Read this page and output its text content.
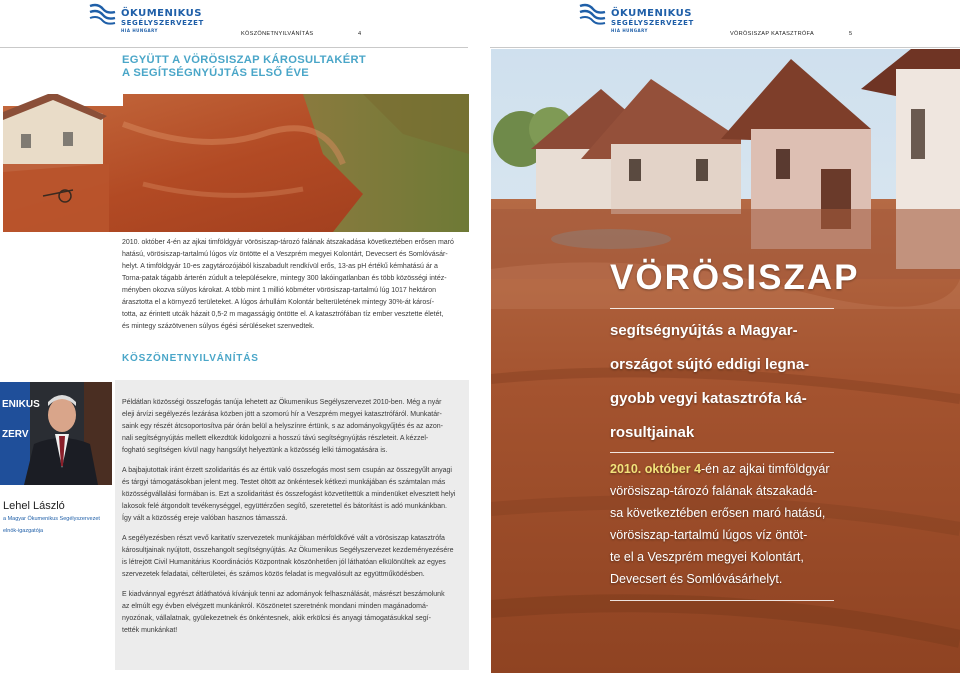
ÖKUMENIKUS
SEGÉLYSZERVEZET
HIA HUNGARY
KÖSZÖNETNYILVÁNÍTÁS	4
EGYÜTT A VÖRÖSISZAP KÁROSULTAKÉRT
A SEGÍTSÉGNYÚJTÁS ELSŐ ÉVE
2010. október 4-én az ajkai timföldgyár vörösiszap-tározó falának átszakadása következtében erősen maró
hatású, vörösiszap-tartalmú lúgos víz öntötte el a Veszprém megyei Kolontárt, Devecsert és Somlóvásár-
helyt. A timföldgyár 10-es zagytározójából kiszabadult rendkívül erős, 13-as pH értékű kémhatású ár a
Torna-patak tágabb árterén zúdult a településekre, mintegy 300 lakóingatlanban és több közösségi intéz-
ményben okozva súlyos károkat. A több mint 1 millió köbméter vörösiszap-tartalmú lúg 1017 hektáron
árasztotta el a környező területeket. A lúgos árhullám Kolontár belterületének mintegy 30%-át károsí-
totta, az érintett utcák házait 0,5-2 m magasságig öntötte el. A katasztrófában tíz ember vesztette életét,
és mintegy százötvenen súlyos égési sérüléseket szenvedtek.
KÖSZÖNETNYILVÁNÍTÁS
Példátlan közösségi összefogás tanúja lehetett az Ökumenikus Segélyszervezet 2010-ben. Még a nyár
eleji árvízi segélyezés lezárása közben jött a szomorú hír a Veszprém megyei katasztrófáról. Munkatár-
saink egy részét átcsoportosítva pár órán belül a helyszínre értünk, s az adományokgyűjtés és az azon-
nali segítségnyújtás mellett elkezdtük kidolgozni a hosszú távú segítségnyújtás részleteit. A kézzel-
fogható segítségen kívül nagy hangsúlyt helyeztünk a közösség lelki támogatására is.
A bajbajutottak iránt érzett szolidaritás és az értük való összefogás most sem csupán az összegyűlt anyagi
és tárgyi támogatásokban jelent meg. Testet öltött az önkéntesek kétkezi munkájában és számtalan más
közösségvállalási formában is. Ezt a szolidaritást és összefogást közvetítettük a mindenüket elvesztett helyi
lakosok felé átgondolt tevékenységgel, együttérzően segítő, szeretettel és bátorítást is adó munkánkban.
Így vált a közösség ereje valóban hasznos támasszá.
A segélyezésben részt vevő karitatív szervezetek munkájában mérföldkővé vált a vörösiszap katasztrófa
károsultjainak nyújtott, összehangolt segítségnyújtás. Az Ökumenikus Segélyszervezet kezdeményezésére
is létrejött Civil Humanitárius Koordinációs Központnak köszönhetően jól láthatóan elkülönültek az egyes
szervezetek feladatai, célterületei, és számos közös feladat is megvalósult az együttműködésben.
E kiadvánnyal egyrészt átláthatóvá kívánjuk tenni az adományok felhasználását, másrészt beszámolunk
az elmúlt egy évben elvégzett munkánkról. Köszönetet szeretnénk mondani minden magánadomá-
nyozónak, vállalatnak, gyülekezetnek és önkéntesnek, akik erkölcsi és anyagi támogatásukkal segí-
tették munkánkat!
ENIKUS
ZERV
Lehel László
a Magyar Ökumenikus Segélyszervezet
elnök-igazgatója
ÖKUMENIKUS
SEGÉLYSZERVEZET
HIA HUNGARY
VÖRÖSISZAP KATASZTRÓFA	5
VÖRÖSISZAP
segítségnyújtás a Magyar-
országot sújtó eddigi legna-
gyobb vegyi katasztrófa ká-
rosultjainak
2010. október 4-én az ajkai timföldgyár
vörösiszap-tározó falának átszakadá-
sa következtében erősen maró hatású,
vörösiszap-tartalmú lúgos víz öntöt-
te el a Veszprém megyei Kolontárt,
Devecsert és Somlóvásárhelyt.
